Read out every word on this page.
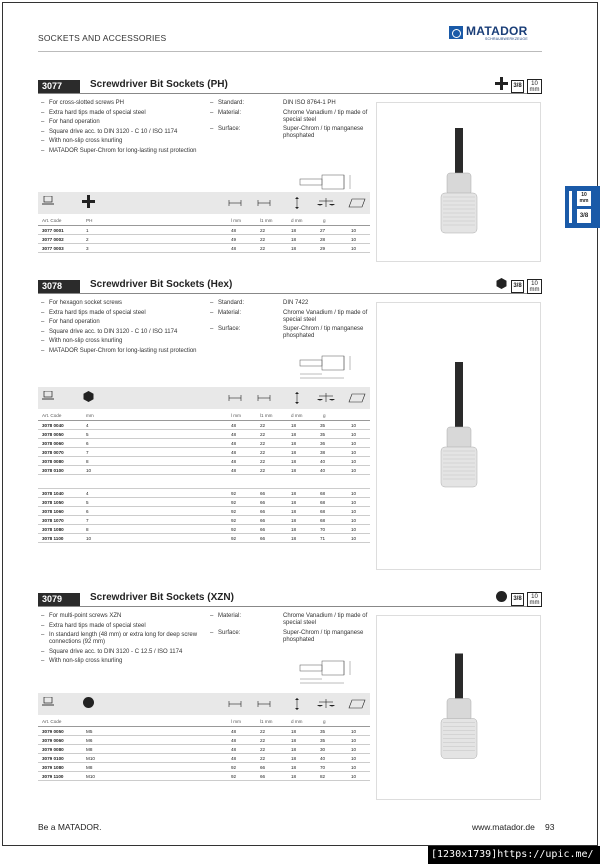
SOCKETS AND ACCESSORIES	MATADOR
SCHRAUBWERKZEUGE
10
mm
3/8
3077	Screwdriver Bit Sockets (PH)	3/8	10 mm
– For cross-slotted screws PH
– Extra hard tips made of special steel
– For hand operation
– Square drive acc. to DIN 3120 - C 10 / ISO 1174
– With non-slip cross knurling
– MATADOR Super-Chrom for long-lasting rust protection
– Standard:	DIN ISO 8764-1 PH
– Material:	Chrome Vanadium / tip made of special steel
– Surface:	Super-Chrom / tip manganese phosphated
Art. Code	PH	l mm	l1 mm	d mm	g
3077 0001	1	48	22	18	27	10
3077 0002	2	49	22	18	28	10
3077 0003	3	48	22	18	29	10
3078	Screwdriver Bit Sockets (Hex)	3/8	10 mm
– For hexagon socket screws
– Extra hard tips made of special steel
– For hand operation
– Square drive acc. to DIN 3120 - C 10 / ISO 1174
– With non-slip cross knurling
– MATADOR Super-Chrom for long-lasting rust protection
– Standard:	DIN 7422
– Material:	Chrome Vanadium / tip made of special steel
– Surface:	Super-Chrom / tip manganese phosphated
Art. Code	mm	l mm	l1 mm	d mm	g
3078 0040	4	48	22	18	35	10
3078 0050	5	48	22	18	35	10
3078 0060	6	48	22	18	36	10
3078 0070	7	48	22	18	38	10
3078 0080	8	48	22	18	40	10
3078 0100	10	48	22	18	40	10
3078 1040	4	92	66	18	68	10
3078 1050	5	92	66	18	68	10
3078 1060	6	92	66	18	68	10
3078 1070	7	92	66	18	68	10
3078 1080	8	92	66	18	70	10
3078 1100	10	92	66	18	71	10
3079	Screwdriver Bit Sockets (XZN)	3/8	10 mm
– For multi-point screws XZN
– Extra hard tips made of special steel
– In standard length (48 mm) or extra long for deep screw connections (92 mm)
– Square drive acc. to DIN 3120 - C 12.5 / ISO 1174
– With non-slip cross knurling
– Material:	Chrome Vanadium / tip made of special steel
– Surface:	Super-Chrom / tip manganese phosphated
Art. Code	l mm	l1 mm	d mm	g
3079 0050	M5	48	22	18	35	10
3079 0060	M6	48	22	18	35	10
3079 0080	M8	48	22	18	30	10
3079 0100	M10	48	22	18	40	10
3079 1080	M8	92	66	18	70	10
3079 1100	M10	92	66	18	82	10
Be a MATADOR.	www.matador.de 93
[1230x1739]https://upic.me/
